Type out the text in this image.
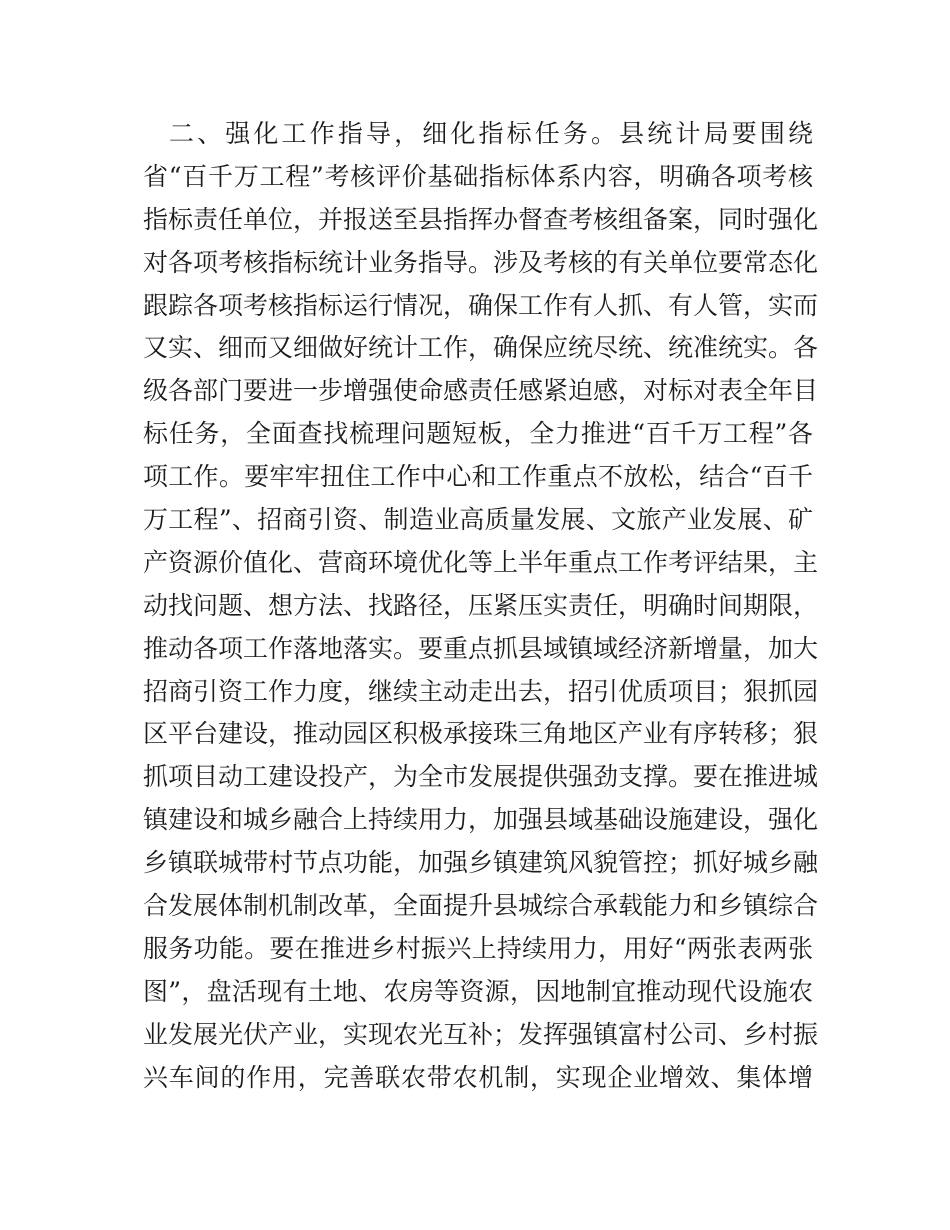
二、强化工作指导，细化指标任务。县统计局要围绕
省“百千万工程”考核评价基础指标体系内容，明确各项考核
指标责任单位，并报送至县指挥办督查考核组备案，同时强化
对各项考核指标统计业务指导。涉及考核的有关单位要常态化
跟踪各项考核指标运行情况，确保工作有人抓、有人管，实而
又实、细而又细做好统计工作，确保应统尽统、统准统实。各
级各部门要进一步增强使命感责任感紧迫感，对标对表全年目
标任务，全面查找梳理问题短板，全力推进“百千万工程”各
项工作。要牢牢扭住工作中心和工作重点不放松，结合“百千
万工程”、招商引资、制造业高质量发展、文旅产业发展、矿
产资源价值化、营商环境优化等上半年重点工作考评结果，主
动找问题、想方法、找路径，压紧压实责任，明确时间期限，
推动各项工作落地落实。要重点抓县域镇域经济新增量，加大
招商引资工作力度，继续主动走出去，招引优质项目；狠抓园
区平台建设，推动园区积极承接珠三角地区产业有序转移；狠
抓项目动工建设投产，为全市发展提供强劲支撑。要在推进城
镇建设和城乡融合上持续用力，加强县域基础设施建设，强化
乡镇联城带村节点功能，加强乡镇建筑风貌管控；抓好城乡融
合发展体制机制改革，全面提升县城综合承载能力和乡镇综合
服务功能。要在推进乡村振兴上持续用力，用好“两张表两张
图”，盘活现有土地、农房等资源，因地制宜推动现代设施农
业发展光伏产业，实现农光互补；发挥强镇富村公司、乡村振
兴车间的作用，完善联农带农机制，实现企业增效、集体增
